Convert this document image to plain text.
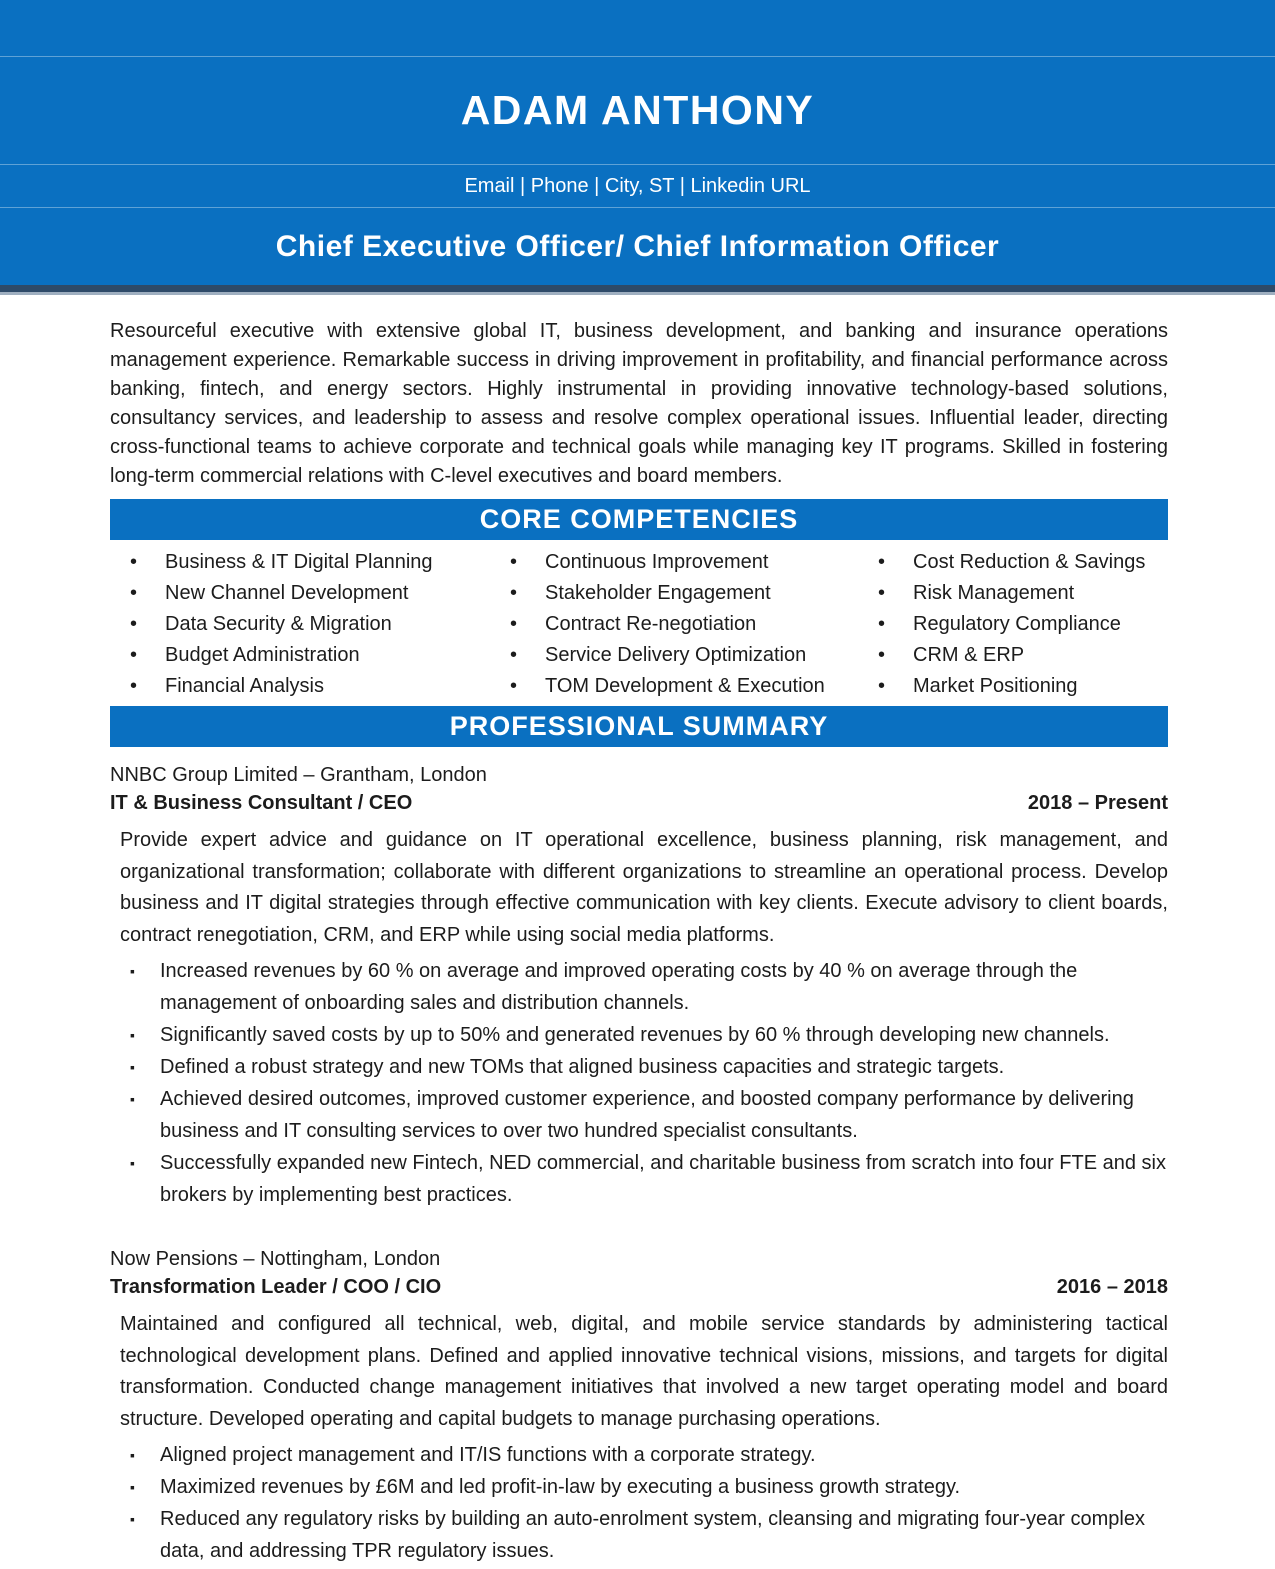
ADAM ANTHONY
Email | Phone | City, ST | Linkedin URL
Chief Executive Officer/ Chief Information Officer

Resourceful executive with extensive global IT, business development, and banking and insurance operations management experience. Remarkable success in driving improvement in profitability, and financial performance across banking, fintech, and energy sectors. Highly instrumental in providing innovative technology-based solutions, consultancy services, and leadership to assess and resolve complex operational issues. Influential leader, directing cross-functional teams to achieve corporate and technical goals while managing key IT programs. Skilled in fostering long-term commercial relations with C-level executives and board members.

CORE COMPETENCIES
• Business & IT Digital Planning
• New Channel Development
• Data Security & Migration
• Budget Administration
• Financial Analysis
• Continuous Improvement
• Stakeholder Engagement
• Contract Re-negotiation
• Service Delivery Optimization
• TOM Development & Execution
• Cost Reduction & Savings
• Risk Management
• Regulatory Compliance
• CRM & ERP
• Market Positioning
PROFESSIONAL SUMMARY
NNBC Group Limited – Grantham, London
IT & Business Consultant / CEO	2018 – Present

Provide expert advice and guidance on IT operational excellence, business planning, risk management, and organizational transformation; collaborate with different organizations to streamline an operational process. Develop business and IT digital strategies through effective communication with key clients. Execute advisory to client boards, contract renegotiation, CRM, and ERP while using social media platforms.

▪ Increased revenues by 60 % on average and improved operating costs by 40 % on average through the management of onboarding sales and distribution channels.
▪ Significantly saved costs by up to 50% and generated revenues by 60 % through developing new channels.
▪ Defined a robust strategy and new TOMs that aligned business capacities and strategic targets.
▪ Achieved desired outcomes, improved customer experience, and boosted company performance by delivering business and IT consulting services to over two hundred specialist consultants.
▪ Successfully expanded new Fintech, NED commercial, and charitable business from scratch into four FTE and six brokers by implementing best practices.
Now Pensions – Nottingham, London
Transformation Leader / COO / CIO	2016 – 2018

Maintained and configured all technical, web, digital, and mobile service standards by administering tactical technological development plans. Defined and applied innovative technical visions, missions, and targets for digital transformation. Conducted change management initiatives that involved a new target operating model and board structure. Developed operating and capital budgets to manage purchasing operations.

▪ Aligned project management and IT/IS functions with a corporate strategy.
▪ Maximized revenues by £6M and led profit-in-law by executing a business growth strategy.
▪ Reduced any regulatory risks by building an auto-enrolment system, cleansing and migrating four-year complex data, and addressing TPR regulatory issues.
